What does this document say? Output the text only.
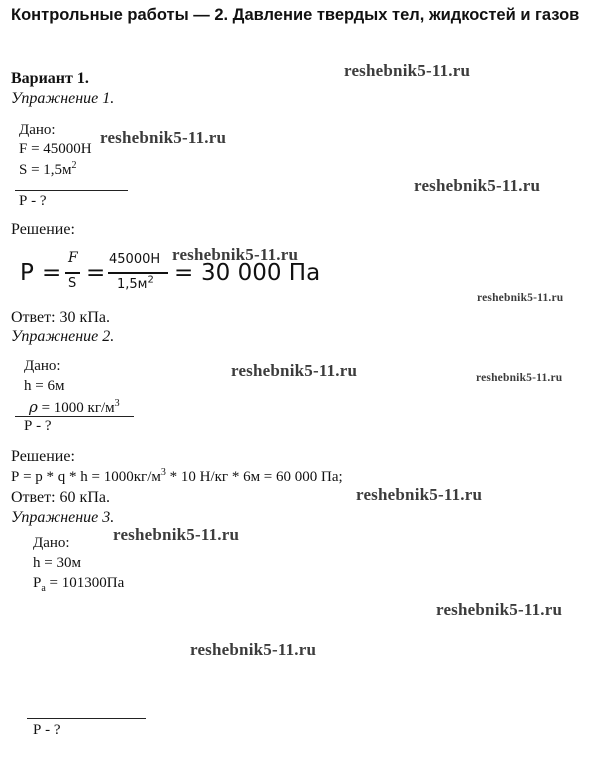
Контрольные работы — 2. Давление твердых тел, жидкостей и газов
Вариант 1.
Упражнение 1.
Дано:
F = 45000Н
$S = 1,5м^2$
Р - ?
Решение:
P =
F
S =
45000Н
$1,5м^2 = 30$ 000 Па
Ответ: 30 кПа.
Упражнение 2.
Дано:
h = 6м
ρ = 1000 $кг/м^3$
Р - ?
Решение:
$Р = р * q * h = 1000кг/м^3 * 10$ Н/кг * 6м = 60 000 Па;
Ответ: 60 кПа.
Упражнение 3.
Дано:
h = 30м
$P_a = 101300Па$
Р - ?
reshebnik5-11.ru
reshebnik5-11.ru
reshebnik5-11.ru
reshebnik5-11.ru
reshebnik5-11.ru
reshebnik5-11.ru	reshebnik5-11.ru
reshebnik5-11.ru
reshebnik5-11.ru
reshebnik5-11.ru
reshebnik5-11.ru
